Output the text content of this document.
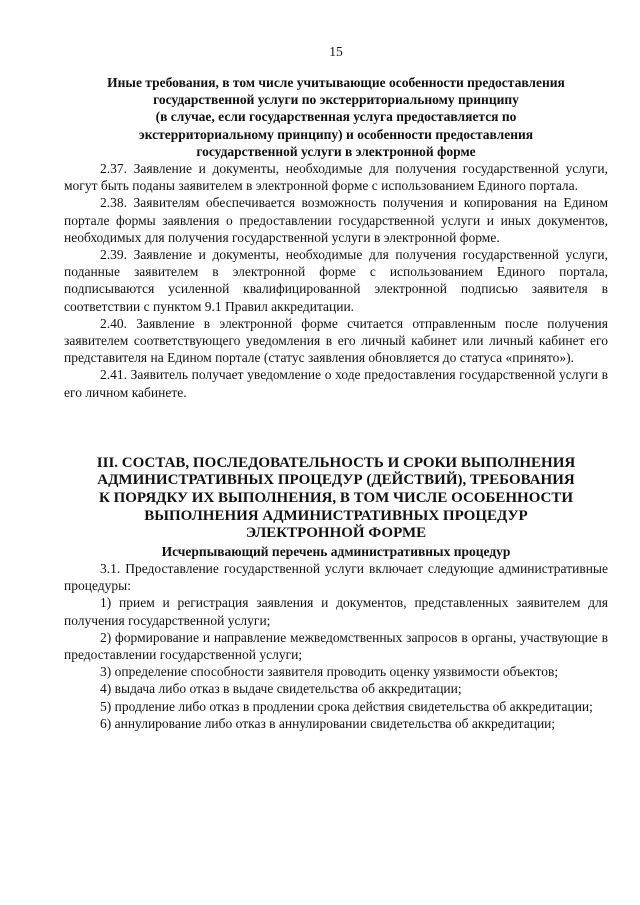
15
Иные требования, в том числе учитывающие особенности предоставления
государственной услуги по экстерриториальному принципу
(в случае, если государственная услуга предоставляется по
экстерриториальному принципу) и особенности предоставления
государственной услуги в электронной форме

2.37. Заявление и документы, необходимые для получения государственной услуги, могут быть поданы заявителем в электронной форме с использованием Единого портала.

2.38. Заявителям обеспечивается возможность получения и копирования на Едином портале формы заявления о предоставлении государственной услуги и иных документов, необходимых для получения государственной услуги в электронной форме.

2.39. Заявление и документы, необходимые для получения государственной услуги, поданные заявителем в электронной форме с использованием Единого портала, подписываются усиленной квалифицированной электронной подписью заявителя в соответствии с пунктом 9.1 Правил аккредитации.

2.40. Заявление в электронной форме считается отправленным после получения заявителем соответствующего уведомления в его личный кабинет или личный кабинет его представителя на Едином портале (статус заявления обновляется до статуса «принято»).

2.41. Заявитель получает уведомление о ходе предоставления государственной услуги в его личном кабинете.

III. СОСТАВ, ПОСЛЕДОВАТЕЛЬНОСТЬ И СРОКИ ВЫПОЛНЕНИЯ
АДМИНИСТРАТИВНЫХ ПРОЦЕДУР (ДЕЙСТВИЙ), ТРЕБОВАНИЯ
К ПОРЯДКУ ИХ ВЫПОЛНЕНИЯ, В ТОМ ЧИСЛЕ ОСОБЕННОСТИ
ВЫПОЛНЕНИЯ АДМИНИСТРАТИВНЫХ ПРОЦЕДУР
ЭЛЕКТРОННОЙ ФОРМЕ
Исчерпывающий перечень административных процедур

3.1. Предоставление государственной услуги включает следующие административные процедуры:

1) прием и регистрация заявления и документов, представленных заявителем для получения государственной услуги;

2) формирование и направление межведомственных запросов в органы, участвующие в предоставлении государственной услуги;

3) определение способности заявителя проводить оценку уязвимости объектов;

4) выдача либо отказ в выдаче свидетельства об аккредитации;

5) продление либо отказ в продлении срока действия свидетельства об аккредитации;

6) аннулирование либо отказ в аннулировании свидетельства об аккредитации;
